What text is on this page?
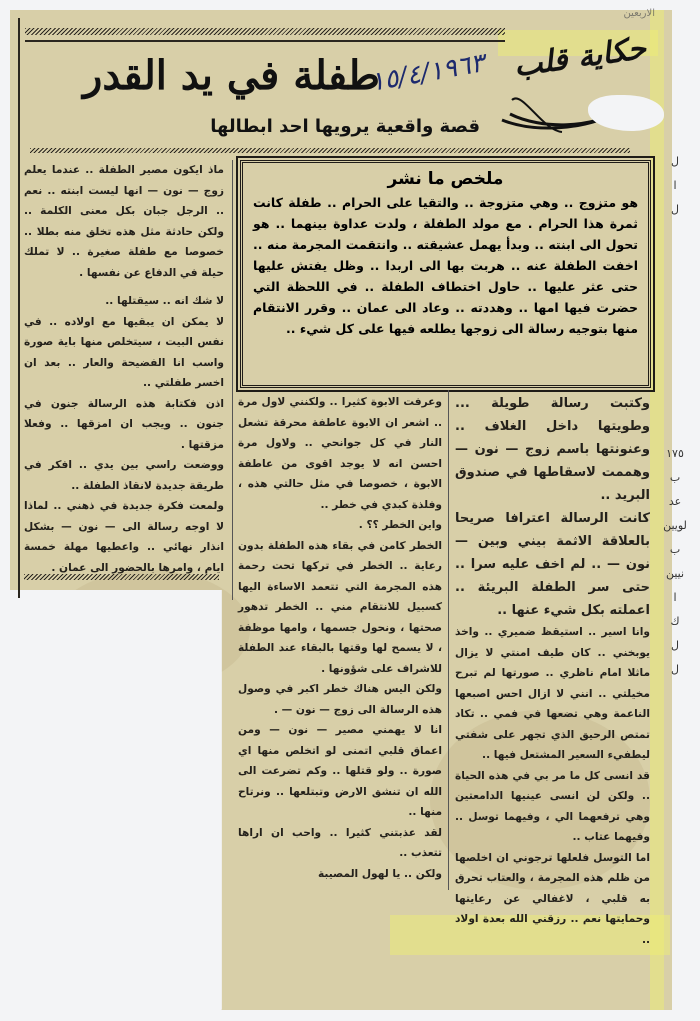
الاربعين
حكاية قلب
١٥/٤/١٩٦٣
طفلة في يد القدر
قصة واقعية يرويها احد ابطالها
ملخص ما نشر
هو متزوج .. وهي متزوجة .. والتقيا على الحرام .. طفلة كانت ثمرة هذا الحرام . مع مولد الطفلة ، ولدت عداوة بينهما .. هو تحول الى ابنته .. وبدأ يهمل عشيقته .. وانتقمت المجرمة منه .. اخفت الطفلة عنه .. هربت بها الى اربدا .. وظل يفتش عليها حتى عثر عليها .. حاول اختطاف الطفلة .. في اللحظة التي حضرت فيها امها .. وهددته .. وعاد الى عمان .. وقرر الانتقام منها بتوجيه رسالة الى زوجها يطلعه فيها على كل شيء ..

ماذ ايكون مصير الطفلة .. عندما يعلم زوج — نون — انها ليست ابنته .. نعم .. الرجل جبان بكل معنى الكلمة .. ولكن حادثة مثل هذه تخلق منه بطلا .. خصوصا مع طفلة صغيرة .. لا تملك حيلة في الدفاع عن نفسها .

لا شك انه .. سيقتلها ..

لا يمكن ان يبقيها مع اولاده .. في نفس البيت ، سيتخلص منها باية صورة واسب انا الفضيحة والعار .. بعد ان اخسر طفلتي ..

اذن فكتابة هذه الرسالة جنون في جنون .. ويجب ان امزقها .. وفعلا مزقتها .

ووضعت راسي بين يدي .. افكر في طريقة جديدة لانقاذ الطفلة ..

ولمعت فكرة جديدة في ذهني .. لماذا لا اوجه رسالة الى — نون — بشكل انذار نهائي .. واعطيها مهلة خمسة ايام ، وامرها بالحضور الى عمان .

وعرفت الابوة كثيرا .. ولكنني لاول مرة .. اشعر ان الابوة عاطفة محرقة تشعل النار في كل جوانحي .. ولاول مرة احسن انه لا يوجد اقوى من عاطفة الابوة ، خصوصا في مثل حالتي هذه ، وفلذة كبدي في خطر ..

واين الخطر ؟؟ .

الخطر كامن في بقاء هذه الطفلة بدون رعاية .. الخطر في تركها تحت رحمة هذه المجرمة التي تتعمد الاساءة اليها كسبيل للانتقام مني .. الخطر تدهور صحتها ، ونحول جسمها ، وامها موظفة ، لا يسمح لها وقتها بالبقاء عند الطفلة للاشراف على شؤونها .

ولكن اليس هناك خطر اكبر في وصول هذه الرسالة الى زوج — نون — .

انا لا يهمني مصير — نون — ومن اعماق قلبي اتمنى لو اتخلص منها اي صورة .. ولو قتلها .. وكم تضرعت الى الله ان تنشق الارض وتبتلعها .. ونرتاح منها ..

لقد عذبتني كثيرا .. واحب ان اراها تتعذب ..

ولكن .. يا لهول المصيبة

وكتبت رسالة طويلة ... وطويتها داخل الغلاف .. وعنونتها باسم زوج — نون — وهممت لاسقاطها في صندوق البريد ..

كانت الرسالة اعترافا صريحا بالعلاقة الاثمة بيني وبين — نون — .. لم اخف عليه سرا .. حتى سر الطفلة البريئة .. اعملته بكل شيء عنها ..

وانا اسير .. استيقظ ضميري .. واخذ يوبخني .. كان طيف امنتي لا يزال ماثلا امام ناظري .. صورتها لم تبرح مخيلتي .. انني لا ازال احس اصبعها الناعمة وهي تضعها في فمي .. تكاد تمتص الرحيق الذي تجهر على شفتي ليطفيء السعير المشتعل فيها ..

قد انسى كل ما مر بي في هذه الحياة .. ولكن لن انسى عينيها الدامعتين وهي ترفعهما الي ، وفيهما توسل .. وفيهما عتاب ..

اما التوسل فلعلها ترجوني ان اخلصها من ظلم هذه المجرمة ، والعتاب تحرق به قلبي ، لاغفالي عن رعايتها وحمايتها نعم .. رزقني الله بعدة اولاد ..

ل
ا
ل
١٧٥
ب
عد
لويين
ب
نيين
ا
ك
ل
ل
